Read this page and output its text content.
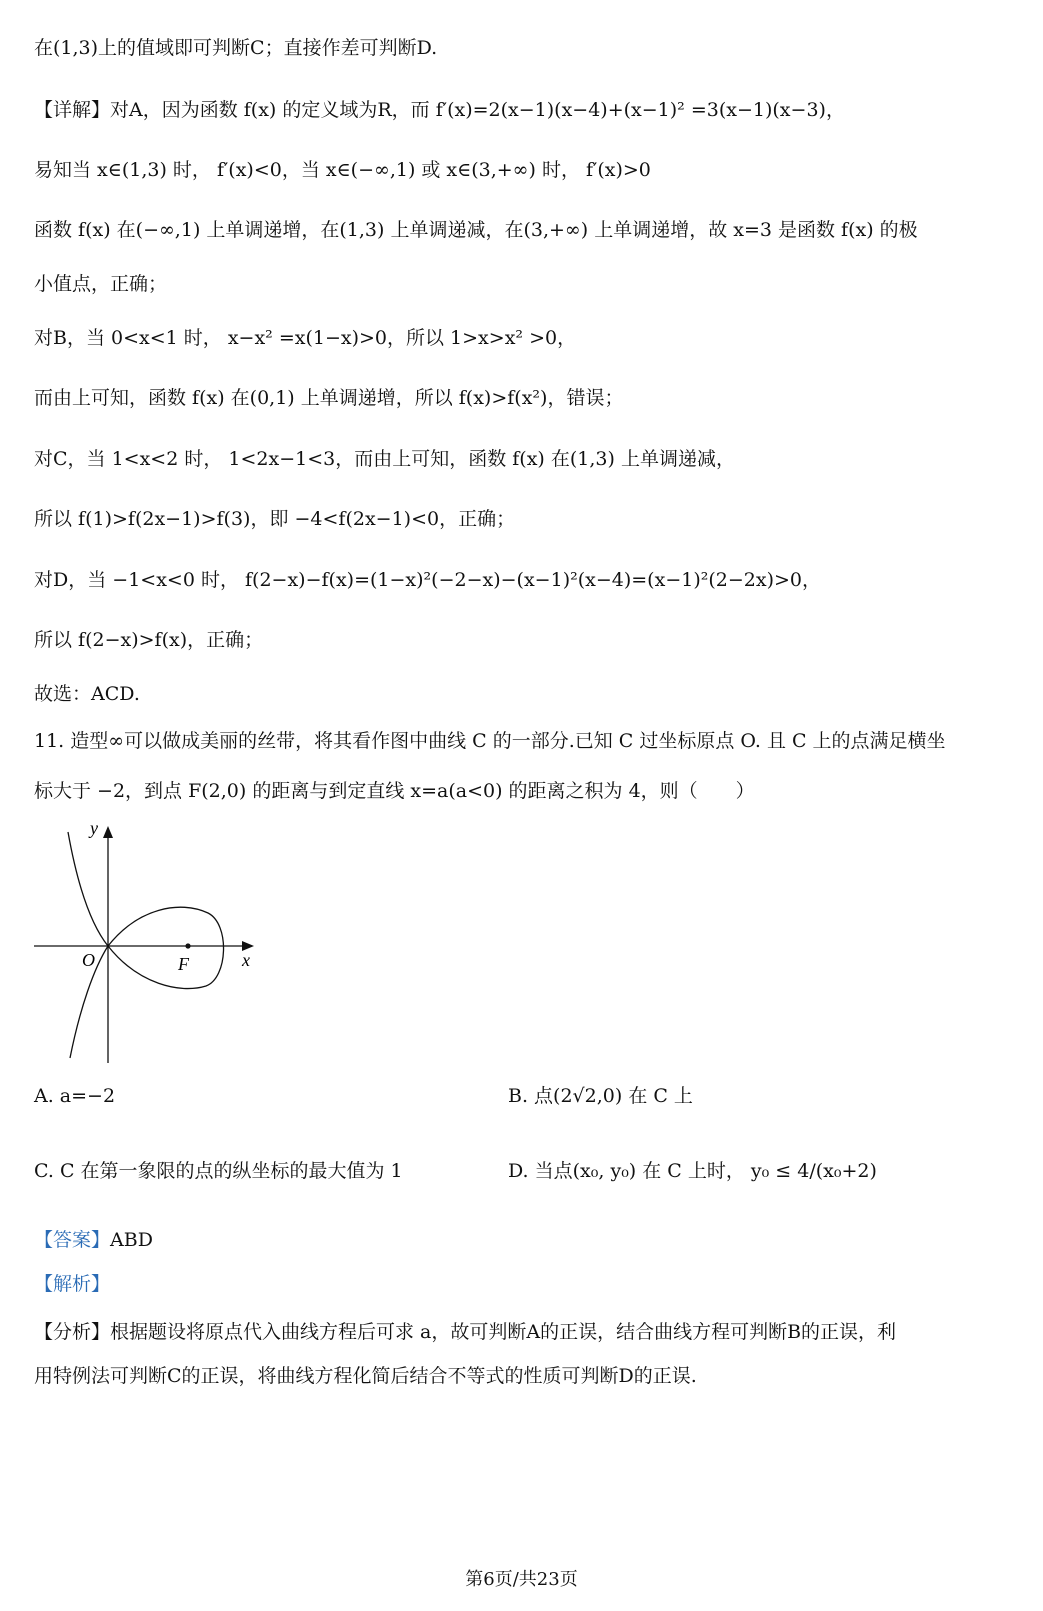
在(1,3)上的值域即可判断C；直接作差可判断D.
【详解】对A，因为函数 f(x) 的定义域为R，而 f′(x)=2(x−1)(x−4)+(x−1)² =3(x−1)(x−3)，
易知当 x∈(1,3) 时， f′(x)<0，当 x∈(−∞,1) 或 x∈(3,+∞) 时， f′(x)>0
函数 f(x) 在(−∞,1) 上单调递增，在(1,3) 上单调递减，在(3,+∞) 上单调递增，故 x=3 是函数 f(x) 的极
小值点，正确；
对B，当 0<x<1 时， x−x² =x(1−x)>0，所以 1>x>x² >0，
而由上可知，函数 f(x) 在(0,1) 上单调递增，所以 f(x)>f(x²)，错误；
对C，当 1<x<2 时， 1<2x−1<3，而由上可知，函数 f(x) 在(1,3) 上单调递减，
所以 f(1)>f(2x−1)>f(3)，即 −4<f(2x−1)<0，正确；
对D，当 −1<x<0 时， f(2−x)−f(x)=(1−x)²(−2−x)−(x−1)²(x−4)=(x−1)²(2−2x)>0，
所以 f(2−x)>f(x)，正确；
故选：ACD.
11. 造型∞可以做成美丽的丝带，将其看作图中曲线 C 的一部分.已知 C 过坐标原点 O. 且 C 上的点满足横坐
标大于 −2，到点 F(2,0) 的距离与到定直线 x=a(a<0) 的距离之积为 4，则（　　）
F
O	x
y
A. a=−2	B. 点(2√2,0) 在 C 上
C. C 在第一象限的点的纵坐标的最大值为 1	D. 当点(x₀, y₀) 在 C 上时， y₀ ≤ 4/(x₀+2)
【答案】ABD
【解析】
【分析】根据题设将原点代入曲线方程后可求 a，故可判断A的正误，结合曲线方程可判断B的正误，利
用特例法可判断C的正误，将曲线方程化简后结合不等式的性质可判断D的正误.
第6页/共23页
